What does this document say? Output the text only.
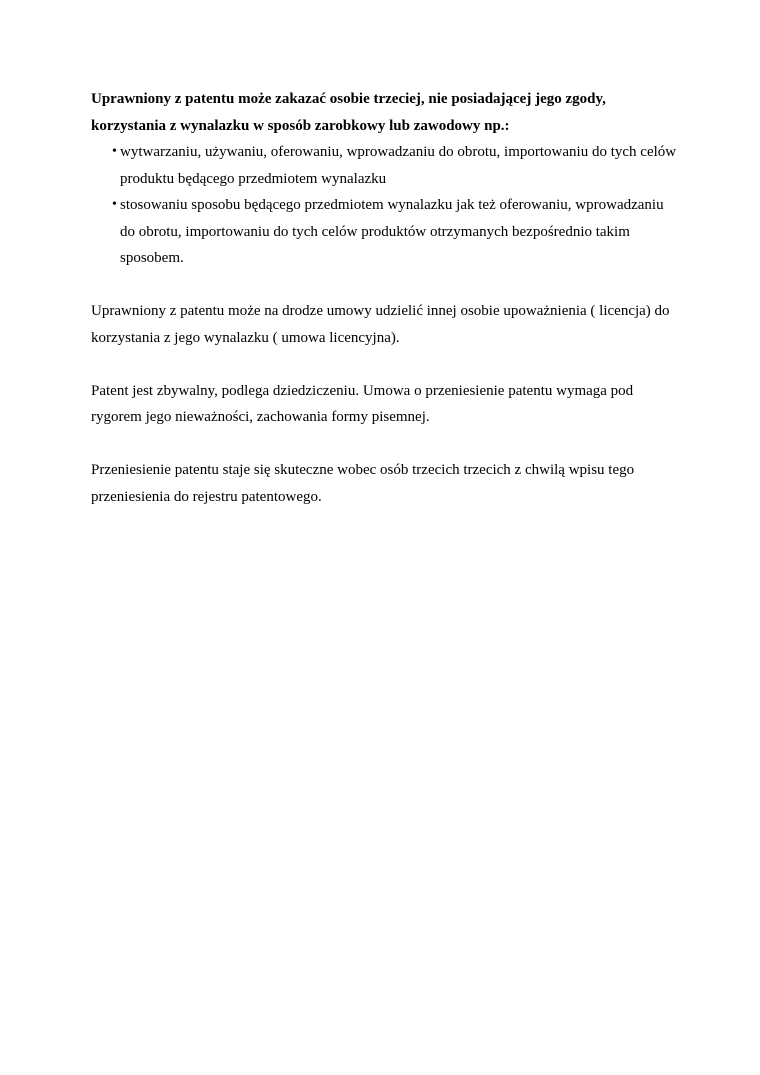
Uprawniony z patentu może zakazać osobie trzeciej, nie posiadającej jego zgody, korzystania z wynalazku w sposób zarobkowy lub zawodowy np.:

• wytwarzaniu, używaniu, oferowaniu, wprowadzaniu do obrotu, importowaniu do tych celów produktu będącego przedmiotem wynalazku
• stosowaniu sposobu będącego przedmiotem wynalazku jak też oferowaniu, wprowadzaniu do obrotu, importowaniu do tych celów produktów otrzymanych bezpośrednio takim sposobem.

Uprawniony z patentu może na drodze umowy udzielić innej osobie upoważnienia ( licencja) do korzystania z jego wynalazku ( umowa licencyjna).

Patent jest zbywalny, podlega dziedziczeniu. Umowa o przeniesienie patentu wymaga pod rygorem jego nieważności, zachowania formy pisemnej.

Przeniesienie patentu staje się skuteczne wobec osób trzecich trzecich z chwilą wpisu tego przeniesienia do rejestru patentowego.
